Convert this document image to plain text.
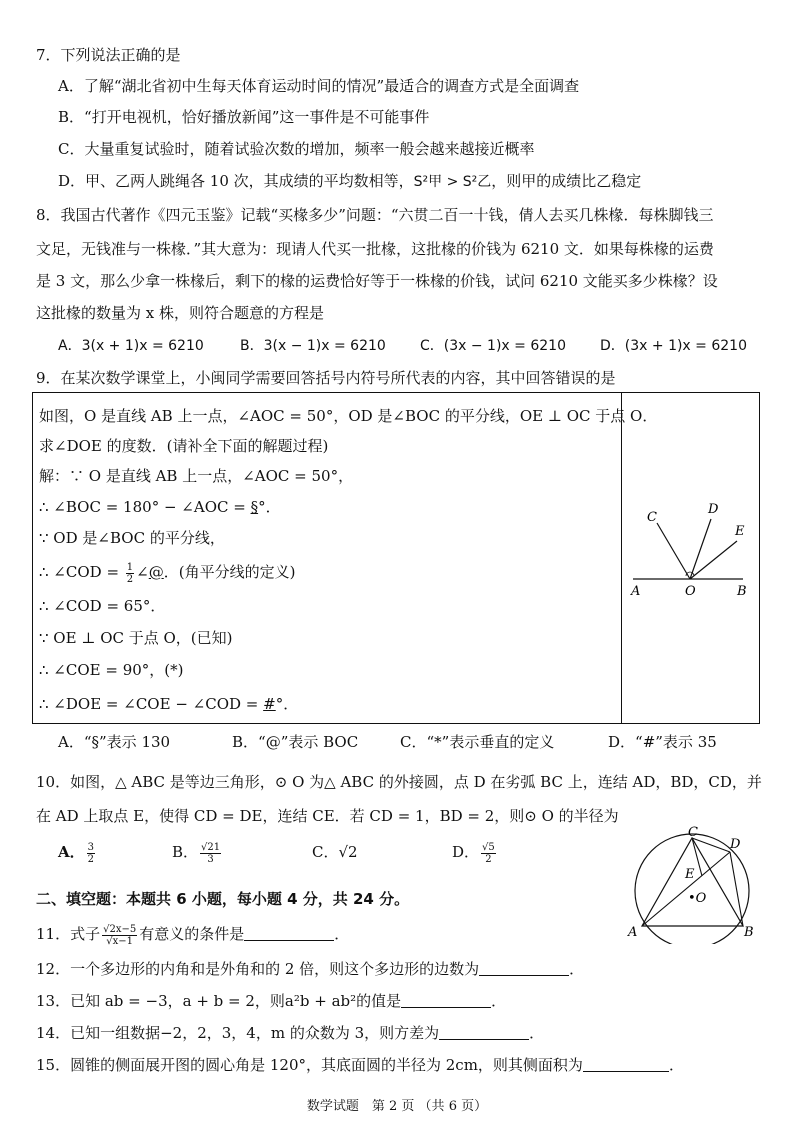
7．下列说法正确的是
A．了解“湖北省初中生每天体育运动时间的情况”最适合的调查方式是全面调查
B．“打开电视机，恰好播放新闻”这一事件是不可能事件
C．大量重复试验时，随着试验次数的增加，频率一般会越来越接近概率
D．甲、乙两人跳绳各 10 次，其成绩的平均数相等，S²甲 > S²乙，则甲的成绩比乙稳定
8．我国古代著作《四元玉鉴》记载“买椽多少”问题：“六贯二百一十钱，倩人去买几株椽．每株脚钱三
文足，无钱准与一株椽．”其大意为：现请人代买一批椽，这批椽的价钱为 6210 文．如果每株椽的运费
是 3 文，那么少拿一株椽后，剩下的椽的运费恰好等于一株椽的价钱，试问 6210 文能买多少株椽？设
这批椽的数量为 x 株，则符合题意的方程是
A．3(x + 1)x = 6210	B．3(x − 1)x = 6210 C．(3x − 1)x = 6210 D．(3x + 1)x = 6210
9．在某次数学课堂上，小闽同学需要回答括号内符号所代表的内容，其中回答错误的是
如图，O 是直线 AB 上一点，∠AOC = 50°，OD 是∠BOC 的平分线，OE ⊥ OC 于点 O．
求∠DOE 的度数．(请补全下面的解题过程)
解：∵ O 是直线 AB 上一点，∠AOC = 50°，
∴ ∠BOC = 180° − ∠AOC = §°．
∵ OD 是∠BOC 的平分线，
∴ ∠COD = $\frac{1}{2}$ ∠@．(角平分线的定义)
∴ ∠COD = 65°．
∵ OE ⊥ OC 于点 O，(已知)
∴ ∠COE = 90°，(*)
∴ ∠DOE = ∠COE − ∠COD = #°．
C
D
E
A	O	B
A．“§”表示 130	B．“@”表示 BOC	C．“*”表示垂直的定义	D．“#”表示 35
10．如图，△ ABC 是等边三角形，⊙ O 为△ ABC 的外接圆，点 D 在劣弧 BC 上，连结 AD，BD，CD，并
在 AD 上取点 E，使得 CD = DE，连结 CE．若 CD = 1，BD = 2，则⊙ O 的半径为
A． $\frac{3}{2}$	B． $\frac{√21}{3}$	C．√2	D． $\frac{√5}{2}$
C
D
E
•O
A	B
二、填空题：本题共 6 小题，每小题 4 分，共 24 分。
11．式子 $\frac{√2x-5}{√x-1}$ 有意义的条件是	．
12．一个多边形的内角和是外角和的 2 倍，则这个多边形的边数为	．
13．已知 ab = −3，a + b = 2，则a²b + ab²的值是	．
14．已知一组数据−2，2，3，4，m 的众数为 3，则方差为	．
15．圆锥的侧面展开图的圆心角是 120°，其底面圆的半径为 2cm，则其侧面积为	．
数学试题　第 2 页 （共 6 页）
